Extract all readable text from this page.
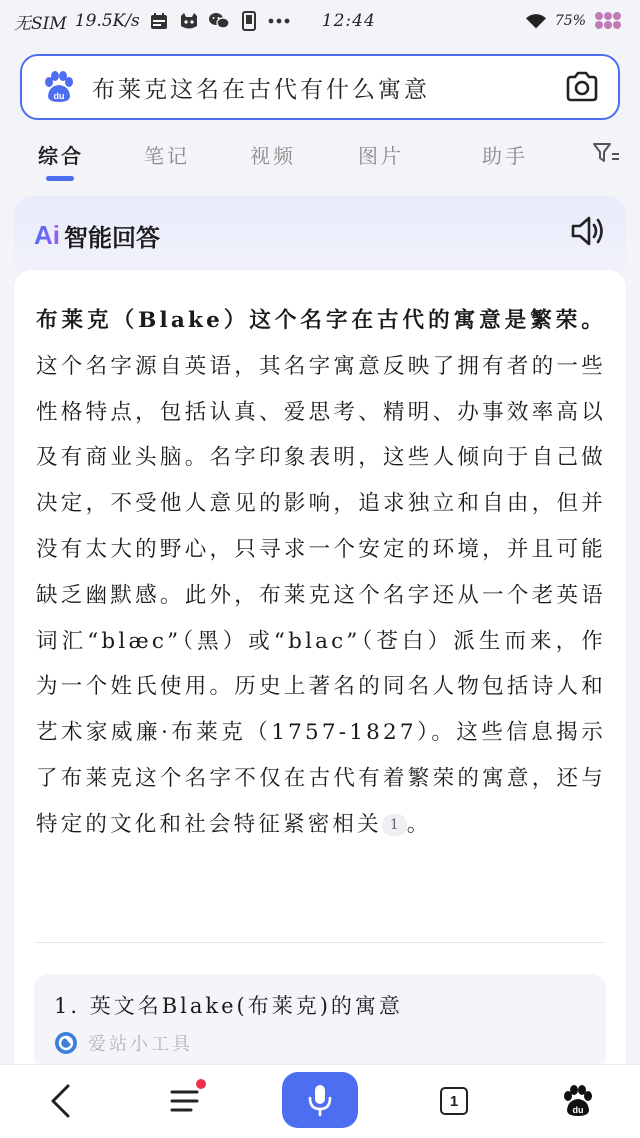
无SIM 19.5K/s	12:44	75%
du 布莱克这名在古代有什么寓意
综合	笔记	视频	图片	助手
Ai 智能回答

布莱克（Blake）这个名字在古代的寓意是繁荣。这个名字源自英语，其名字寓意反映了拥有者的一些性格特点，包括认真、爱思考、精明、办事效率高以及有商业头脑。名字印象表明，这些人倾向于自己做决定，不受他人意见的影响，追求独立和自由，但并没有太大的野心，只寻求一个安定的环境，并且可能缺乏幽默感。此外，布莱克这个名字还从一个老英语词汇“blæc”（黑）或“blac”（苍白）派生而来，作为一个姓氏使用。历史上著名的同名人物包括诗人和艺术家威廉·布莱克（1757-1827）。这些信息揭示了布莱克这个名字不仅在古代有着繁荣的寓意，还与特定的文化和社会特征紧密相关 1 。

1. 英文名Blake(布莱克)的寓意
爱站小工具
1
du
